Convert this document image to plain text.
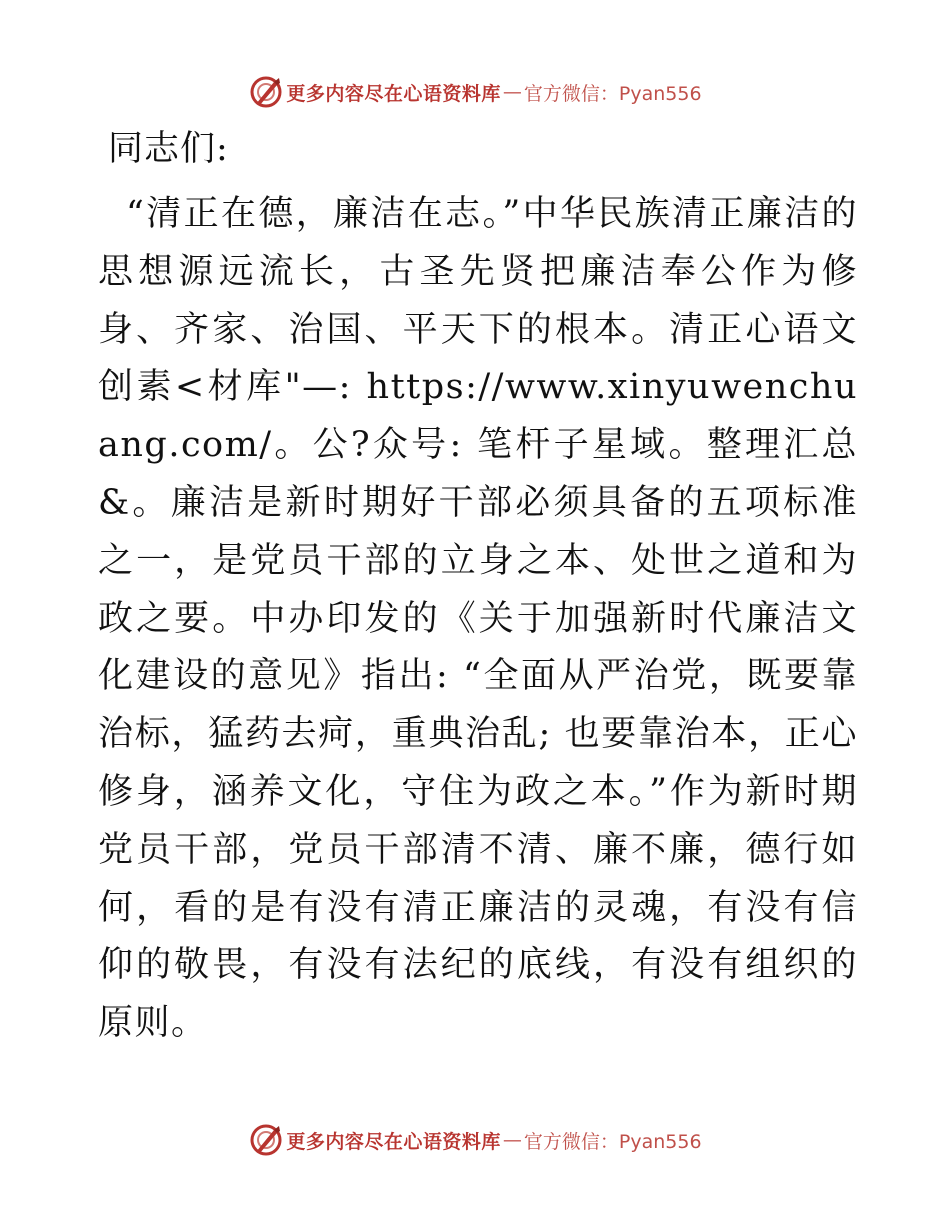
更多内容尽在心语资料库 — 官方微信：Pyan556

同志们:

“清正在德，廉洁在志。”中华民族清正廉洁的思想源远流长，古圣先贤把廉洁奉公作为修身、齐家、治国、平天下的根本。清正心语文创素<材库"—: https://www.xinyuwenchuang.com/。公?众号: 笔杆子星域。整理汇总&。廉洁是新时期好干部必须具备的五项标准之一，是党员干部的立身之本、处世之道和为政之要。中办印发的《关于加强新时代廉洁文化建设的意见》指出: “全面从严治党，既要靠治标，猛药去疴，重典治乱; 也要靠治本，正心修身，涵养文化，守住为政之本。”作为新时期党员干部，党员干部清不清、廉不廉，德行如何，看的是有没有清正廉洁的灵魂，有没有信仰的敬畏，有没有法纪的底线，有没有组织的原则。

更多内容尽在心语资料库 — 官方微信：Pyan556
